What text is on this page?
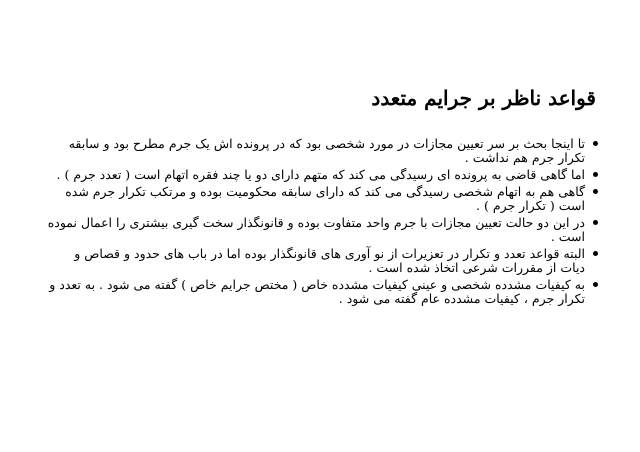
قواعد ناظر بر جرایم متعدد
تا اینجا بحث بر سر تعیین مجازات در مورد شخصی بود که در پرونده اش یک جرم مطرح بود و سابقه تکرار جرم هم نداشت .
اما گاهی قاضی به پرونده ای رسیدگی می کند که متهم دارای دو یا چند فقره اتهام است ( تعدد جرم ) .
گاهی هم به اتهام شخصی رسیدگی می کند که دارای سابقه محکومیت بوده و مرتکب تکرار جرم شده است ( تکرار جرم ) .
در این دو حالت تعیین مجازات با جرم واحد متفاوت بوده و قانونگذار سخت گیری بیشتری را اعمال نموده است .
البته قواعد تعدد و تکرار در تعزیرات از نو آوری های قانونگذار بوده اما در باب های حدود و قصاص و دیات از مقررات شرعی اتخاذ شده است .
به کیفیات مشدده شخصی و عینی کیفیات مشدده خاص ( مختص جرایم خاص ) گفته می شود . به تعدد و تکرار جرم ، کیفیات مشدده عام گفته می شود .
